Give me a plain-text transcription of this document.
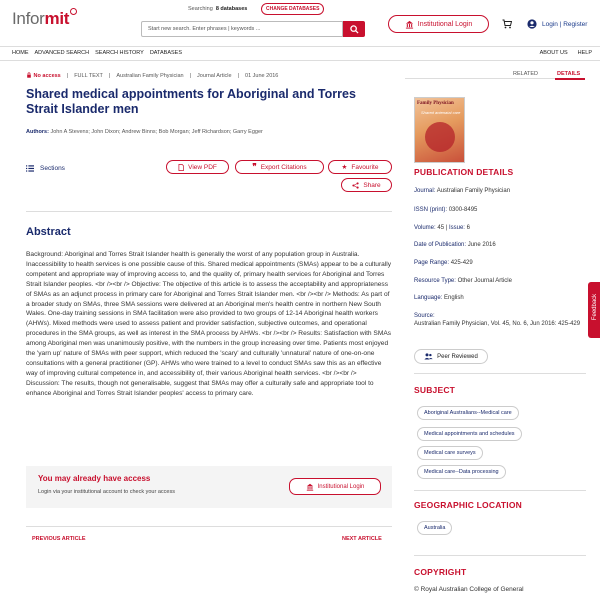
Informit	Searching 8 databases	CHANGE DATABASES
Start new search. Enter phrases | keywords ...
Institutional Login	Login | Register
HOME ADVANCED SEARCH SEARCH HISTORY DATABASES	ABOUT US HELP
No access | FULL TEXT | Australian Family Physician | Journal Article | 01 June 2016
Shared medical appointments for Aboriginal and Torres Strait Islander men
Authors: John A Stevens; John Dixon; Andrew Binns; Bob Morgan; Jeff Richardson; Garry Egger
Sections	View PDF	❞ Export Citations	★ Favourite
Share
Abstract
Background: Aboriginal and Torres Strait Islander health is generally the worst of any population group in Australia. Inaccessibility to health services is one possible cause of this. Shared medical appointments (SMAs) appear to be a culturally competent and appropriate way of improving access to, and the quality of, primary health services for Aboriginal and Torres Strait Islander peoples. <br /><br /> Objective: The objective of this article is to assess the acceptability and appropriateness of SMAs as an adjunct process in primary care for Aboriginal and Torres Strait Islander men. <br /><br /> Methods: As part of a broader study on SMAs, three SMA sessions were delivered at an Aboriginal men's health centre in northern New South Wales. One-day training sessions in SMA facilitation were also provided to two groups of 12-14 Aboriginal health workers (AHWs). Mixed methods were used to assess patient and provider satisfaction, subjective outcomes, and operational procedures in the SMA groups, as well as interest in the SMA process by AHWs. <br /><br /> Results: Satisfaction with SMAs among Aboriginal men was unanimously positive, with the numbers in the group increasing over time. Patients most enjoyed the 'yarn up' nature of SMAs with peer support, which reduced the 'scary' and culturally 'unnatural' nature of one-on-one consultations with a general practitioner (GP). AHWs who were trained to a level to conduct SMAs saw this as an effective way of improving cultural competence in, and accessibility of, their various Aboriginal health services. <br /><br /> Discussion: The results, though not generalisable, suggest that SMAs may offer a culturally safe and appropriate tool to enhance Aboriginal and Torres Strait Islander peoples' access to primary care.
You may already have access
Login via your institutional account to check your access
Institutional Login
PREVIOUS ARTICLE	NEXT ARTICLE
RELATED	DETAILS
Family Physician
Shared antenatal care
PUBLICATION DETAILS
Journal: Australian Family Physician
ISSN (print): 0300-8495
Volume: 45 | Issue: 6
Date of Publication: June 2016
Page Range: 425-429
Resource Type: Other Journal Article
Language: English
Source:
Australian Family Physician, Vol. 45, No. 6, Jun 2016: 425-429
Peer Reviewed
SUBJECT
Aboriginal Australians--Medical care
Medical appointments and schedules
Medical care surveys
Medical care--Data processing
GEOGRAPHIC LOCATION
Australia
COPYRIGHT
© Royal Australian College of General
Feedback
